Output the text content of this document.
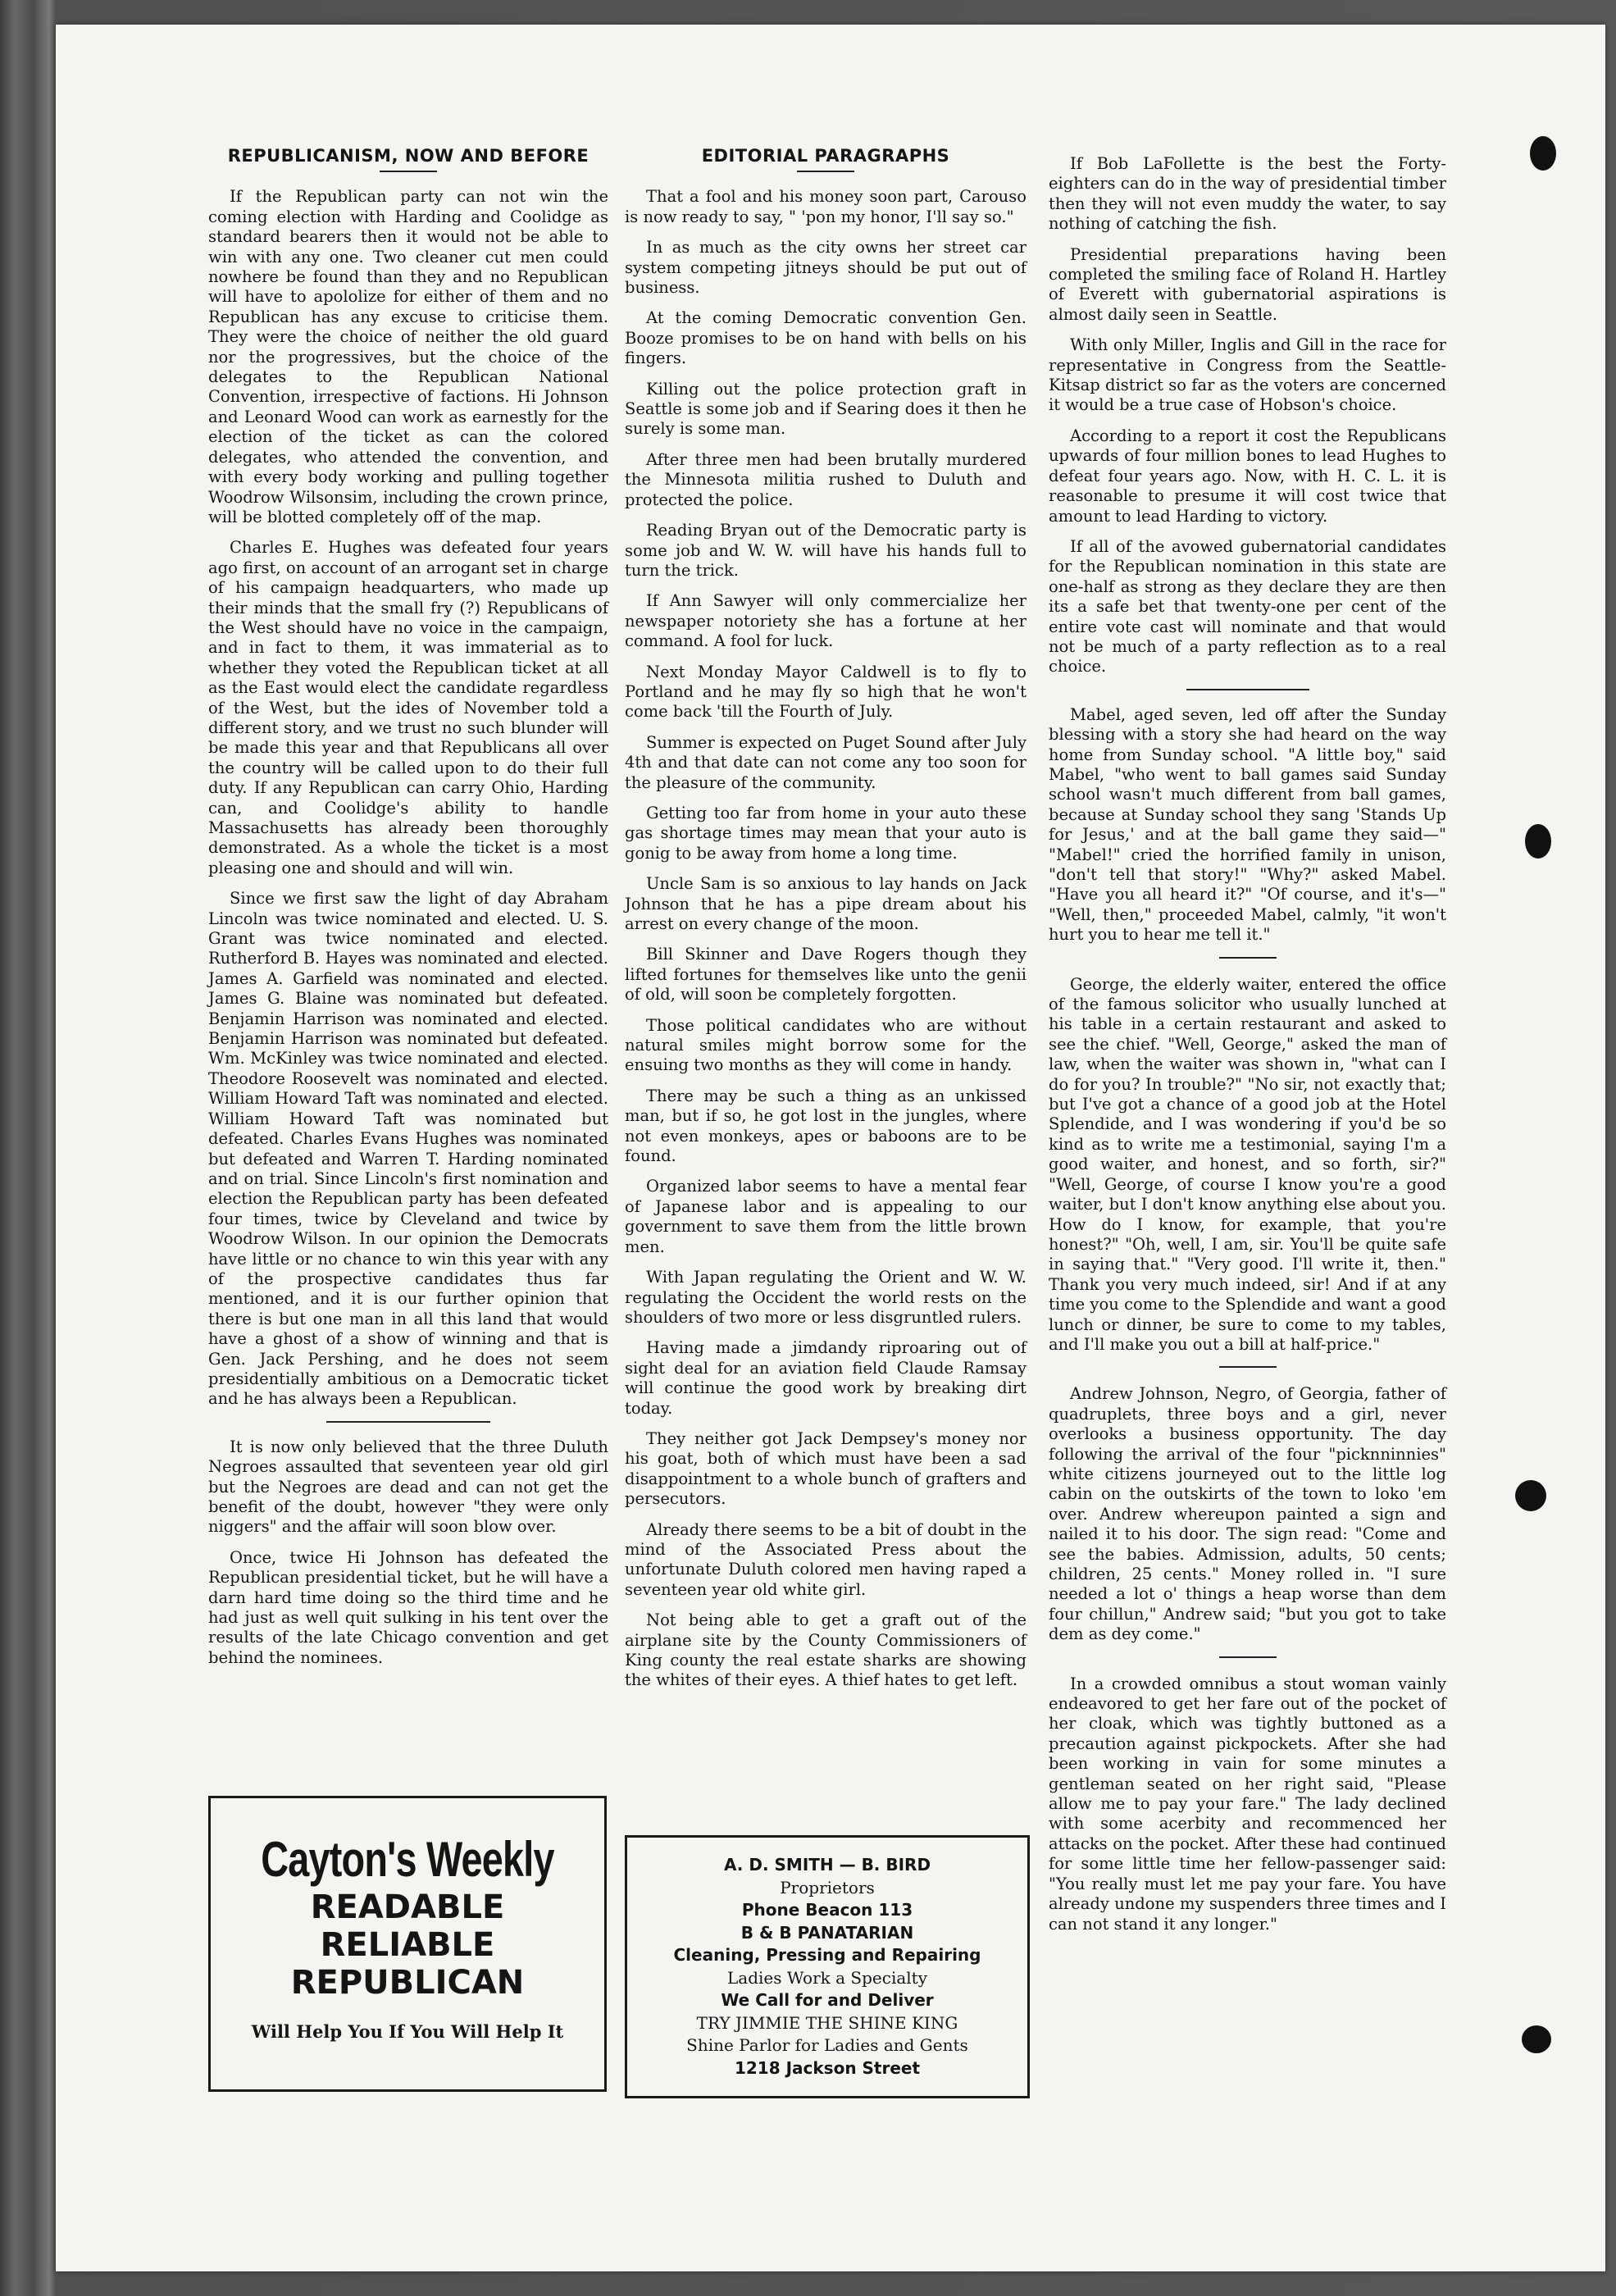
REPUBLICANISM, NOW AND BEFORE

If the Republican party can not win the coming election with Harding and Coolidge as standard bearers then it would not be able to win with any one. Two cleaner cut men could nowhere be found than they and no Republican will have to apololize for either of them and no Republican has any excuse to criticise them. They were the choice of neither the old guard nor the progressives, but the choice of the delegates to the Republican National Convention, irrespective of factions. Hi Johnson and Leonard Wood can work as earnestly for the election of the ticket as can the colored delegates, who attended the convention, and with every body working and pulling together Woodrow Wilsonsim, including the crown prince, will be blotted completely off of the map.

Charles E. Hughes was defeated four years ago first, on account of an arrogant set in charge of his campaign headquarters, who made up their minds that the small fry (?) Republicans of the West should have no voice in the campaign, and in fact to them, it was immaterial as to whether they voted the Republican ticket at all as the East would elect the candidate regardless of the West, but the ides of November told a different story, and we trust no such blunder will be made this year and that Republicans all over the country will be called upon to do their full duty. If any Republican can carry Ohio, Harding can, and Coolidge's ability to handle Massachusetts has already been thoroughly demonstrated. As a whole the ticket is a most pleasing one and should and will win.

Since we first saw the light of day Abraham Lincoln was twice nominated and elected. U. S. Grant was twice nominated and elected. Rutherford B. Hayes was nominated and elected. James A. Garfield was nominated and elected. James G. Blaine was nominated but defeated. Benjamin Harrison was nominated and elected. Benjamin Harrison was nominated but defeated. Wm. McKinley was twice nominated and elected. Theodore Roosevelt was nominated and elected. William Howard Taft was nominated and elected. William Howard Taft was nominated but defeated. Charles Evans Hughes was nominated but defeated and Warren T. Harding nominated and on trial. Since Lincoln's first nomination and election the Republican party has been defeated four times, twice by Cleveland and twice by Woodrow Wilson. In our opinion the Democrats have little or no chance to win this year with any of the prospective candidates thus far mentioned, and it is our further opinion that there is but one man in all this land that would have a ghost of a show of winning and that is Gen. Jack Pershing, and he does not seem presidentially ambitious on a Democratic ticket and he has always been a Republican.

It is now only believed that the three Duluth Negroes assaulted that seventeen year old girl but the Negroes are dead and can not get the benefit of the doubt, however "they were only niggers" and the affair will soon blow over.

Once, twice Hi Johnson has defeated the Republican presidential ticket, but he will have a darn hard time doing so the third time and he had just as well quit sulking in his tent over the results of the late Chicago convention and get behind the nominees.

EDITORIAL PARAGRAPHS

That a fool and his money soon part, Carouso is now ready to say, " 'pon my honor, I'll say so."

In as much as the city owns her street car system competing jitneys should be put out of business.

At the coming Democratic convention Gen. Booze promises to be on hand with bells on his fingers.

Killing out the police protection graft in Seattle is some job and if Searing does it then he surely is some man.

After three men had been brutally murdered the Minnesota militia rushed to Duluth and protected the police.

Reading Bryan out of the Democratic party is some job and W. W. will have his hands full to turn the trick.

If Ann Sawyer will only commercialize her newspaper notoriety she has a fortune at her command. A fool for luck.

Next Monday Mayor Caldwell is to fly to Portland and he may fly so high that he won't come back 'till the Fourth of July.

Summer is expected on Puget Sound after July 4th and that date can not come any too soon for the pleasure of the community.

Getting too far from home in your auto these gas shortage times may mean that your auto is gonig to be away from home a long time.

Uncle Sam is so anxious to lay hands on Jack Johnson that he has a pipe dream about his arrest on every change of the moon.

Bill Skinner and Dave Rogers though they lifted fortunes for themselves like unto the genii of old, will soon be completely forgotten.

Those political candidates who are without natural smiles might borrow some for the ensuing two months as they will come in handy.

There may be such a thing as an unkissed man, but if so, he got lost in the jungles, where not even monkeys, apes or baboons are to be found.

Organized labor seems to have a mental fear of Japanese labor and is appealing to our government to save them from the little brown men.

With Japan regulating the Orient and W. W. regulating the Occident the world rests on the shoulders of two more or less disgruntled rulers.

Having made a jimdandy riproaring out of sight deal for an aviation field Claude Ramsay will continue the good work by breaking dirt today.

They neither got Jack Dempsey's money nor his goat, both of which must have been a sad disappointment to a whole bunch of grafters and persecutors.

Already there seems to be a bit of doubt in the mind of the Associated Press about the unfortunate Duluth colored men having raped a seventeen year old white girl.

Not being able to get a graft out of the airplane site by the County Commissioners of King county the real estate sharks are showing the whites of their eyes. A thief hates to get left.

If Bob LaFollette is the best the Forty-eighters can do in the way of presidential timber then they will not even muddy the water, to say nothing of catching the fish.

Presidential preparations having been completed the smiling face of Roland H. Hartley of Everett with gubernatorial aspirations is almost daily seen in Seattle.

With only Miller, Inglis and Gill in the race for representative in Congress from the Seattle-Kitsap district so far as the voters are concerned it would be a true case of Hobson's choice.

According to a report it cost the Republicans upwards of four million bones to lead Hughes to defeat four years ago. Now, with H. C. L. it is reasonable to presume it will cost twice that amount to lead Harding to victory.

If all of the avowed gubernatorial candidates for the Republican nomination in this state are one-half as strong as they declare they are then its a safe bet that twenty-one per cent of the entire vote cast will nominate and that would not be much of a party reflection as to a real choice.

Mabel, aged seven, led off after the Sunday blessing with a story she had heard on the way home from Sunday school. "A little boy," said Mabel, "who went to ball games said Sunday school wasn't much different from ball games, because at Sunday school they sang 'Stands Up for Jesus,' and at the ball game they said—" "Mabel!" cried the horrified family in unison, "don't tell that story!" "Why?" asked Mabel. "Have you all heard it?" "Of course, and it's—" "Well, then," proceeded Mabel, calmly, "it won't hurt you to hear me tell it."

George, the elderly waiter, entered the office of the famous solicitor who usually lunched at his table in a certain restaurant and asked to see the chief. "Well, George," asked the man of law, when the waiter was shown in, "what can I do for you? In trouble?" "No sir, not exactly that; but I've got a chance of a good job at the Hotel Splendide, and I was wondering if you'd be so kind as to write me a testimonial, saying I'm a good waiter, and honest, and so forth, sir?" "Well, George, of course I know you're a good waiter, but I don't know anything else about you. How do I know, for example, that you're honest?" "Oh, well, I am, sir. You'll be quite safe in saying that." "Very good. I'll write it, then." Thank you very much indeed, sir! And if at any time you come to the Splendide and want a good lunch or dinner, be sure to come to my tables, and I'll make you out a bill at half-price."

Andrew Johnson, Negro, of Georgia, father of quadruplets, three boys and a girl, never overlooks a business opportunity. The day following the arrival of the four "picknninnies" white citizens journeyed out to the little log cabin on the outskirts of the town to loko 'em over. Andrew whereupon painted a sign and nailed it to his door. The sign read: "Come and see the babies. Admission, adults, 50 cents; children, 25 cents." Money rolled in. "I sure needed a lot o' things a heap worse than dem four chillun," Andrew said; "but you got to take dem as dey come."

In a crowded omnibus a stout woman vainly endeavored to get her fare out of the pocket of her cloak, which was tightly buttoned as a precaution against pickpockets. After she had been working in vain for some minutes a gentleman seated on her right said, "Please allow me to pay your fare." The lady declined with some acerbity and recommenced her attacks on the pocket. After these had continued for some little time her fellow-passenger said: "You really must let me pay your fare. You have already undone my suspenders three times and I can not stand it any longer."

Cayton's Weekly
READABLE
RELIABLE
REPUBLICAN
Will Help You If You Will Help It
A. D. SMITH — B. BIRD
Proprietors
Phone Beacon 113
B & B PANATARIAN
Cleaning, Pressing and Repairing
Ladies Work a Specialty
We Call for and Deliver
TRY JIMMIE THE SHINE KING
Shine Parlor for Ladies and Gents
1218 Jackson Street
